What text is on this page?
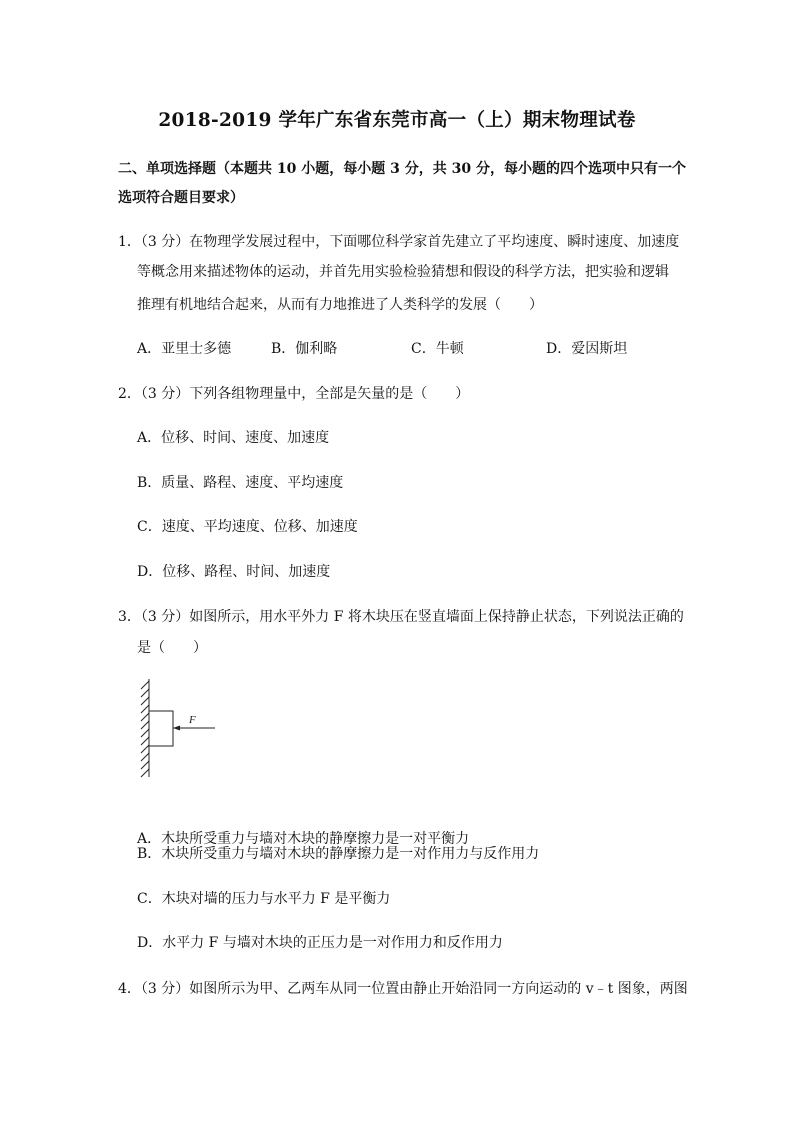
2018-2019 学年广东省东莞市高一（上）期末物理试卷
二、单项选择题（本题共 10 小题，每小题 3 分，共 30 分，每小题的四个选项中只有一个选项符合题目要求）
1．（3 分）在物理学发展过程中，下面哪位科学家首先建立了平均速度、瞬时速度、加速度
等概念用来描述物体的运动，并首先用实验检验猜想和假设的科学方法，把实验和逻辑
推理有机地结合起来，从而有力地推进了人类科学的发展（　　）
A．亚里士多德	B．伽利略	C．牛顿	D．爱因斯坦
2．（3 分）下列各组物理量中，全部是矢量的是（　　）
A．位移、时间、速度、加速度
B．质量、路程、速度、平均速度
C．速度、平均速度、位移、加速度
D．位移、路程、时间、加速度
3．（3 分）如图所示，用水平外力 F 将木块压在竖直墙面上保持静止状态，下列说法正确的
是（　　）
F
A．木块所受重力与墙对木块的静摩擦力是一对平衡力
B．木块所受重力与墙对木块的静摩擦力是一对作用力与反作用力
C．木块对墙的压力与水平力 F 是平衡力
D．水平力 F 与墙对木块的正压力是一对作用力和反作用力
4．（3 分）如图所示为甲、乙两车从同一位置由静止开始沿同一方向运动的 v﹣t 图象，两图
